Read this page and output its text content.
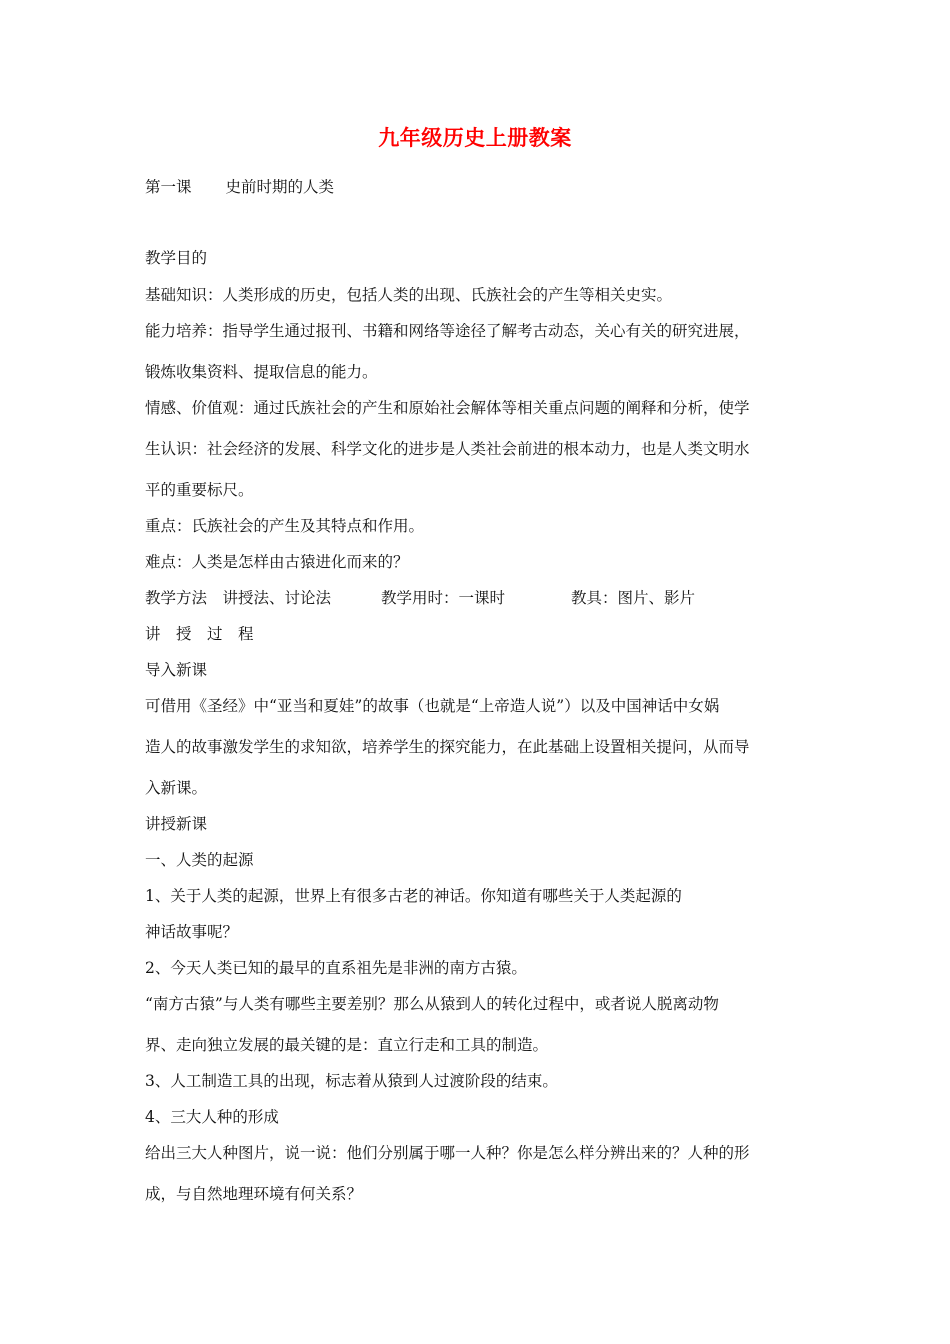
九年级历史上册教案

第一课 史前时期的人类

教学目的

基础知识：人类形成的历史，包括人类的出现、氏族社会的产生等相关史实。

能力培养：指导学生通过报刊、书籍和网络等途径了解考古动态，关心有关的研究进展，

锻炼收集资料、提取信息的能力。

情感、价值观：通过氏族社会的产生和原始社会解体等相关重点问题的阐释和分析，使学

生认识：社会经济的发展、科学文化的进步是人类社会前进的根本动力，也是人类文明水

平的重要标尺。

重点：氏族社会的产生及其特点和作用。

难点：人类是怎样由古猿进化而来的？

教学方法　讲授法、讨论法	教学用时：一课时	教具：图片、影片

讲　授　过　程

导入新课

可借用《圣经》中“亚当和夏娃”的故事（也就是“上帝造人说”）以及中国神话中女娲

造人的故事激发学生的求知欲，培养学生的探究能力，在此基础上设置相关提问，从而导

入新课。

讲授新课

一、人类的起源

1、关于人类的起源，世界上有很多古老的神话。你知道有哪些关于人类起源的

神话故事呢？

2、今天人类已知的最早的直系祖先是非洲的南方古猿。

“南方古猿”与人类有哪些主要差别？那么从猿到人的转化过程中，或者说人脱离动物

界、走向独立发展的最关键的是：直立行走和工具的制造。

3、人工制造工具的出现，标志着从猿到人过渡阶段的结束。

4、三大人种的形成

给出三大人种图片，说一说：他们分别属于哪一人种？你是怎么样分辨出来的？人种的形

成，与自然地理环境有何关系？
